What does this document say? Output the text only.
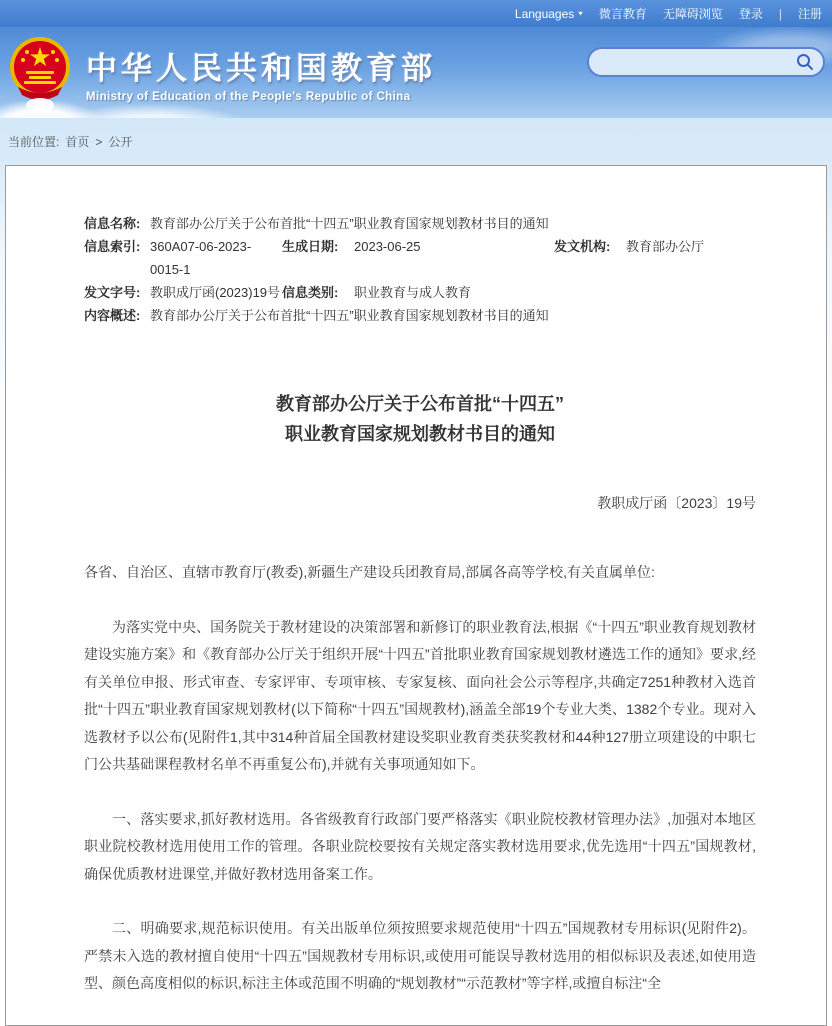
Languages ▾ 微言教育 无障碍浏览 登录 | 注册
中华人民共和国教育部
Ministry of Education of the People's Republic of China
当前位置: 首页 > 公开
信息名称: 教育部办公厅关于公布首批“十四五”职业教育国家规划教材书目的通知
信息索引: 360A07-06-2023-0015-1
生成日期:	2023-06-25	发文机构:	教育部办公厅
发文字号: 教职成厅函(2023)19号 信息类别:	职业教育与成人教育
内容概述: 教育部办公厅关于公布首批“十四五”职业教育国家规划教材书目的通知
教育部办公厅关于公布首批“十四五”
职业教育国家规划教材书目的通知
教职成厅函〔2023〕19号

各省、自治区、直辖市教育厅(教委),新疆生产建设兵团教育局,部属各高等学校,有关直属单位:

为落实党中央、国务院关于教材建设的决策部署和新修订的职业教育法,根据《“十四五”职业教育规划教材建设实施方案》和《教育部办公厅关于组织开展“十四五”首批职业教育国家规划教材遴选工作的通知》要求,经有关单位申报、形式审查、专家评审、专项审核、专家复核、面向社会公示等程序,共确定7251种教材入选首批“十四五”职业教育国家规划教材(以下简称“十四五”国规教材),涵盖全部19个专业大类、1382个专业。现对入选教材予以公布(见附件1,其中314种首届全国教材建设奖职业教育类获奖教材和44种127册立项建设的中职七门公共基础课程教材名单不再重复公布),并就有关事项通知如下。

一、落实要求,抓好教材选用。各省级教育行政部门要严格落实《职业院校教材管理办法》,加强对本地区职业院校教材选用使用工作的管理。各职业院校要按有关规定落实教材选用要求,优先选用“十四五”国规教材,确保优质教材进课堂,并做好教材选用备案工作。

二、明确要求,规范标识使用。有关出版单位须按照要求规范使用“十四五”国规教材专用标识(见附件2)。严禁未入选的教材擅自使用“十四五”国规教材专用标识,或使用可能误导教材选用的相似标识及表述,如使用造型、颜色高度相似的标识,标注主体或范围不明确的“规划教材”“示范教材”等字样,或擅自标注“全
